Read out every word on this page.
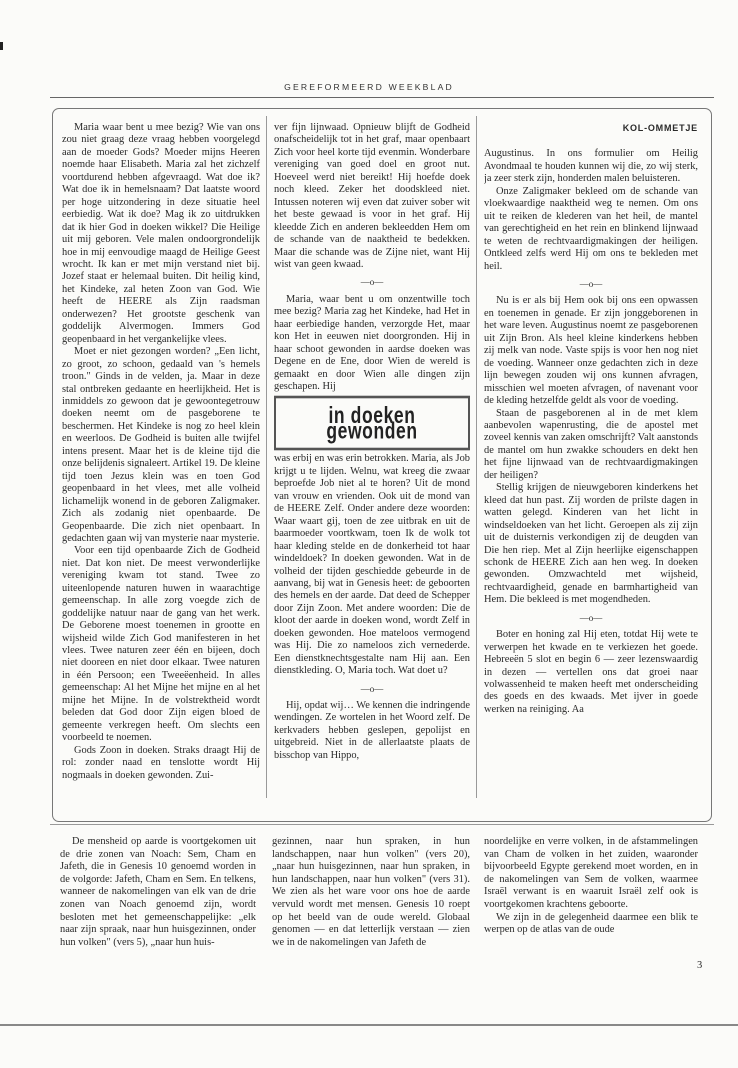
GEREFORMEERD WEEKBLAD

Maria waar bent u mee bezig? Wie van ons zou niet graag deze vraag hebben voorgelegd aan de moeder Gods? Moeder mijns Heeren noemde haar Elisabeth. Maria zal het zichzelf voortdurend hebben afgevraagd. Wat doe ik? Wat doe ik in hemelsnaam? Dat laatste woord per hoge uitzondering in deze situatie heel eerbiedig. Wat ik doe? Mag ik zo uitdrukken dat ik hier God in doeken wikkel? Die Heilige uit mij geboren. Vele malen ondoorgrondelijk hoe in mij eenvoudige maagd de Heilige Geest wrocht. Ik kan er met mijn verstand niet bij. Jozef staat er helemaal buiten. Dit heilig kind, het Kindeke, zal heten Zoon van God. Wie heeft de HEERE als Zijn raadsman onderwezen? Het grootste geschenk van goddelijk Alvermogen. Immers God geopenbaard in het vergankelijke vlees.

Moet er niet gezongen worden? „Een licht, zo groot, zo schoon, gedaald van 's hemels troon." Ginds in de velden, ja. Maar in deze stal ontbreken gedaante en heerlijkheid. Het is inmiddels zo gewoon dat je gewoontegetrouw doeken neemt om de pasgeborene te beschermen. Het Kindeke is nog zo heel klein en weerloos. De Godheid is buiten alle twijfel intens present. Maar het is de kleine tijd die onze belijdenis signaleert. Artikel 19. De kleine tijd toen Jezus klein was en toen God geopenbaard in het vlees, met alle volheid lichamelijk wonend in de geboren Zaligmaker. Zich als zodanig niet openbaarde. De Geopenbaarde. Die zich niet openbaart. In gedachten gaan wij van mysterie naar mysterie.

Voor een tijd openbaarde Zich de Godheid niet. Dat kon niet. De meest verwonderlijke vereniging kwam tot stand. Twee zo uiteenlopende naturen huwen in waarachtige gemeenschap. In alle zorg voegde zich de goddelijke natuur naar de gang van het werk. De Geborene moest toenemen in grootte en wijsheid wilde Zich God manifesteren in het vlees. Twee naturen zeer één en bijeen, doch niet dooreen en niet door elkaar. Twee naturen in één Persoon; een Tweeëenheid. In alles gemeenschap: Al het Mijne het mijne en al het mijne het Mijne. In de volstrektheid wordt beleden dat God door Zijn eigen bloed de gemeente verkregen heeft. Om slechts een voorbeeld te noemen.

Gods Zoon in doeken. Straks draagt Hij de rol: zonder naad en tenslotte wordt Hij nogmaals in doeken gewonden. Zui-

ver fijn lijnwaad. Opnieuw blijft de Godheid onafscheidelijk tot in het graf, maar openbaart Zich voor heel korte tijd evenmin. Wonderbare vereniging van goed doel en groot nut. Hoeveel werd niet bereikt! Hij hoefde doek noch kleed. Zeker het doodskleed niet. Intussen noteren wij even dat zuiver sober wit het beste gewaad is voor in het graf. Hij kleedde Zich en anderen bekleedden Hem om de schande van de naaktheid te bedekken. Maar die schande was de Zijne niet, want Hij wist van geen kwaad.

—o—

Maria, waar bent u om onzentwille toch mee bezig? Maria zag het Kindeke, had Het in haar eerbiedige handen, verzorgde Het, maar kon Het in eeuwen niet doorgronden. Hij in haar schoot gewonden in aardse doeken was Degene en de Ene, door Wien de wereld is gemaakt en door Wien alle dingen zijn geschapen. Hij

in doeken gewonden

was erbij en was erin betrokken. Maria, als Job krijgt u te lijden. Welnu, wat kreeg die zwaar beproefde Job niet al te horen? Uit de mond van vrouw en vrienden. Ook uit de mond van de HEERE Zelf. Onder andere deze woorden: Waar waart gij, toen de zee uitbrak en uit de baarmoeder voortkwam, toen Ik de wolk tot haar kleding stelde en de donkerheid tot haar windeldoek? In doeken gewonden. Wat in de volheid der tijden geschiedde gebeurde in de aanvang, bij wat in Genesis heet: de geboorten des hemels en der aarde. Dat deed de Schepper door Zijn Zoon. Met andere woorden: Die de kloot der aarde in doeken wond, wordt Zelf in doeken gewonden. Hoe mateloos vermogend was Hij. Die zo nameloos zich vernederde. Een dienstknechtsgestalte nam Hij aan. Een dienstkleding. O, Maria toch. Wat doet u?

—o—

Hij, opdat wij… We kennen die indringende wendingen. Ze wortelen in het Woord zelf. De kerkvaders hebben geslepen, gepolijst en uitgebreid. Niet in de allerlaatste plaats de bisschop van Hippo,

KOL-OMMETJE

Augustinus. In ons formulier om Heilig Avondmaal te houden kunnen wij die, zo wij sterk, ja zeer sterk zijn, honderden malen beluisteren.

Onze Zaligmaker bekleed om de schande van vloekwaardige naaktheid weg te nemen. Om ons uit te reiken de klederen van het heil, de mantel van gerechtigheid en het rein en blinkend lijnwaad te weten de rechtvaardigmakingen der heiligen. Ontkleed zelfs werd Hij om ons te bekleden met heil.

—o—

Nu is er als bij Hem ook bij ons een opwassen en toenemen in genade. Er zijn jonggeborenen in het ware leven. Augustinus noemt ze pasgeborenen uit Zijn Bron. Als heel kleine kinderkens hebben zij melk van node. Vaste spijs is voor hen nog niet de voeding. Wanneer onze gedachten zich in deze lijn bewegen zouden wij ons kunnen afvragen, misschien wel moeten afvragen, of navenant voor de kleding hetzelfde geldt als voor de voeding.

Staan de pasgeborenen al in de met klem aanbevolen wapenrusting, die de apostel met zoveel kennis van zaken omschrijft? Valt aanstonds de mantel om hun zwakke schouders en dekt hen het fijne lijnwaad van de rechtvaardigmakingen der heiligen?

Stellig krijgen de nieuwgeboren kinderkens het kleed dat hun past. Zij worden de prilste dagen in watten gelegd. Kinderen van het licht in windseldoeken van het licht. Geroepen als zij zijn uit de duisternis verkondigen zij de deugden van Die hen riep. Met al Zijn heerlijke eigenschappen schonk de HEERE Zich aan hen weg. In doeken gewonden. Omzwachteld met wijsheid, rechtvaardigheid, genade en barmhartigheid van Hem. Die bekleed is met mogendheden.

—o—

Boter en honing zal Hij eten, totdat Hij wete te verwerpen het kwade en te verkiezen het goede. Hebreeën 5 slot en begin 6 — zeer lezenswaardig in dezen — vertellen ons dat groei naar volwassenheid te maken heeft met onderscheiding des goeds en des kwaads. Met ijver in goede werken na reiniging. Aa

De mensheid op aarde is voortgekomen uit de drie zonen van Noach: Sem, Cham en Jafeth, die in Genesis 10 genoemd worden in de volgorde: Jafeth, Cham en Sem. En telkens, wanneer de nakomelingen van elk van de drie zonen van Noach genoemd zijn, wordt besloten met het gemeenschappelijke: „elk naar zijn spraak, naar hun huisgezinnen, onder hun volken" (vers 5), „naar hun huis-

gezinnen, naar hun spraken, in hun landschappen, naar hun volken" (vers 20), „naar hun huisgezinnen, naar hun spraken, in hun landschappen, naar hun volken" (vers 31). We zien als het ware voor ons hoe de aarde vervuld wordt met mensen. Genesis 10 roept op het beeld van de oude wereld. Globaal genomen — en dat letterlijk verstaan — zien we in de nakomelingen van Jafeth de

noordelijke en verre volken, in de afstammelingen van Cham de volken in het zuiden, waaronder bijvoorbeeld Egypte gerekend moet worden, en in de nakomelingen van Sem de volken, waarmee Israël verwant is en waaruit Israël zelf ook is voortgekomen krachtens geboorte.
We zijn in de gelegenheid daarmee een blik te werpen op de atlas van de oude

3
